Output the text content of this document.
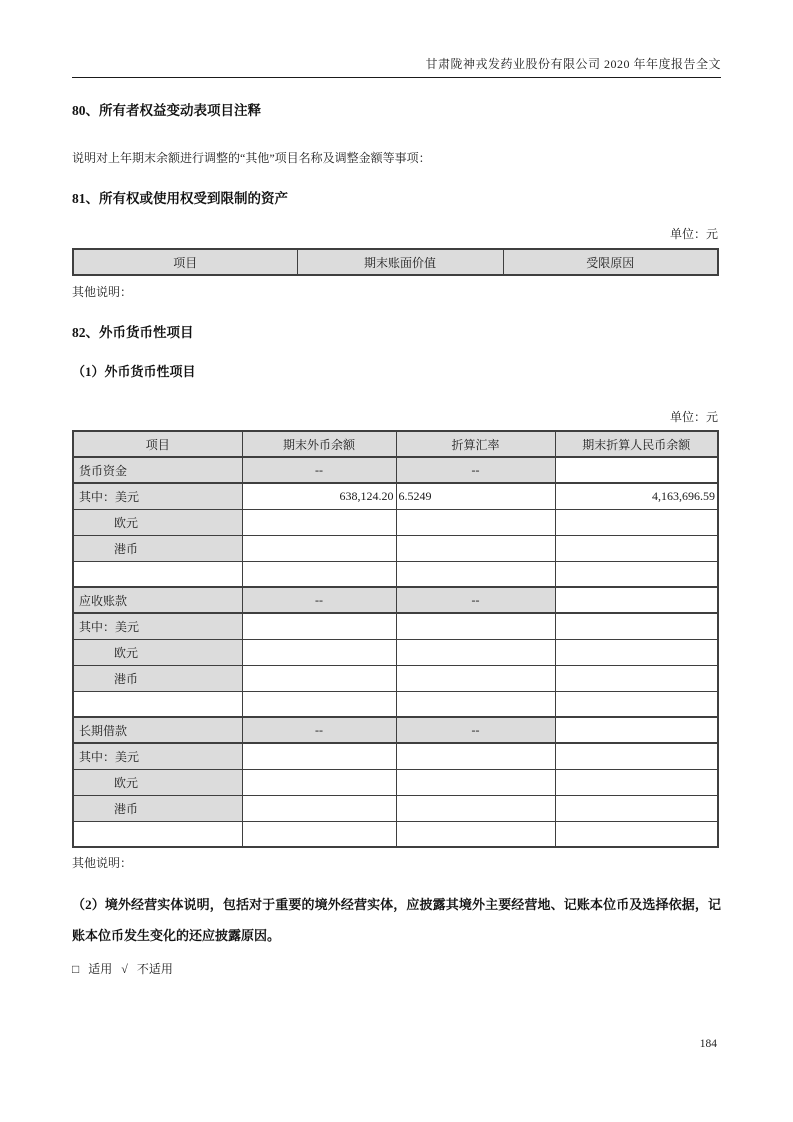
甘肃陇神戎发药业股份有限公司 2020 年年度报告全文
80、所有者权益变动表项目注释

说明对上年期末余额进行调整的“其他”项目名称及调整金额等事项：

81、所有权或使用权受到限制的资产
单位：元
项目	期末账面价值	受限原因

其他说明：

82、外币货币性项目
（1）外币货币性项目
单位：元
项目	期末外币余额	折算汇率	期末折算人民币余额
货币资金	--	--	
其中：美元	638,124.20	6.5249	4,163,696.59
欧元			
港币			

应收账款	--	--	
其中：美元			
欧元			
港币			

长期借款	--	--	
其中：美元			
欧元			
港币			

其他说明：

（2）境外经营实体说明，包括对于重要的境外经营实体，应披露其境外主要经营地、记账本位币及选择依据，记账本位币发生变化的还应披露原因。

□ 适用 √ 不适用

184
